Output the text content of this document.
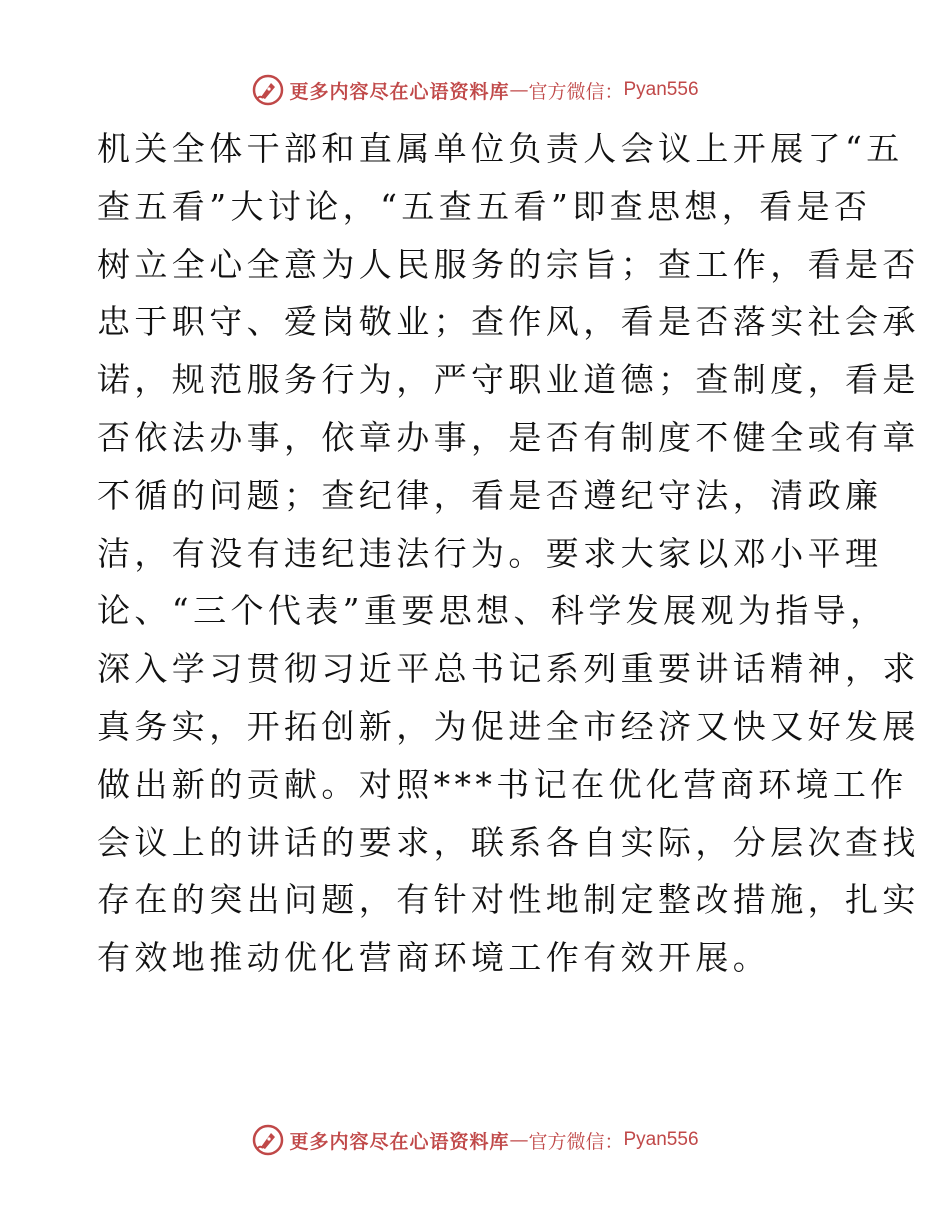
更多内容尽在心语资料库 — 官方微信： Pyan556
机关全体干部和直属单位负责人会议上开展了“五
查五看”大讨论，“五查五看”即查思想，看是否
树立全心全意为人民服务的宗旨；查工作，看是否
忠于职守、爱岗敬业；查作风，看是否落实社会承
诺，规范服务行为，严守职业道德；查制度，看是
否依法办事，依章办事，是否有制度不健全或有章
不循的问题；查纪律，看是否遵纪守法，清政廉
洁，有没有违纪违法行为。要求大家以邓小平理
论、“三个代表”重要思想、科学发展观为指导，
深入学习贯彻习近平总书记系列重要讲话精神，求
真务实，开拓创新，为促进全市经济又快又好发展
做出新的贡献。对照***书记在优化营商环境工作
会议上的讲话的要求，联系各自实际，分层次查找
存在的突出问题，有针对性地制定整改措施，扎实
有效地推动优化营商环境工作有效开展。
更多内容尽在心语资料库 — 官方微信： Pyan556
